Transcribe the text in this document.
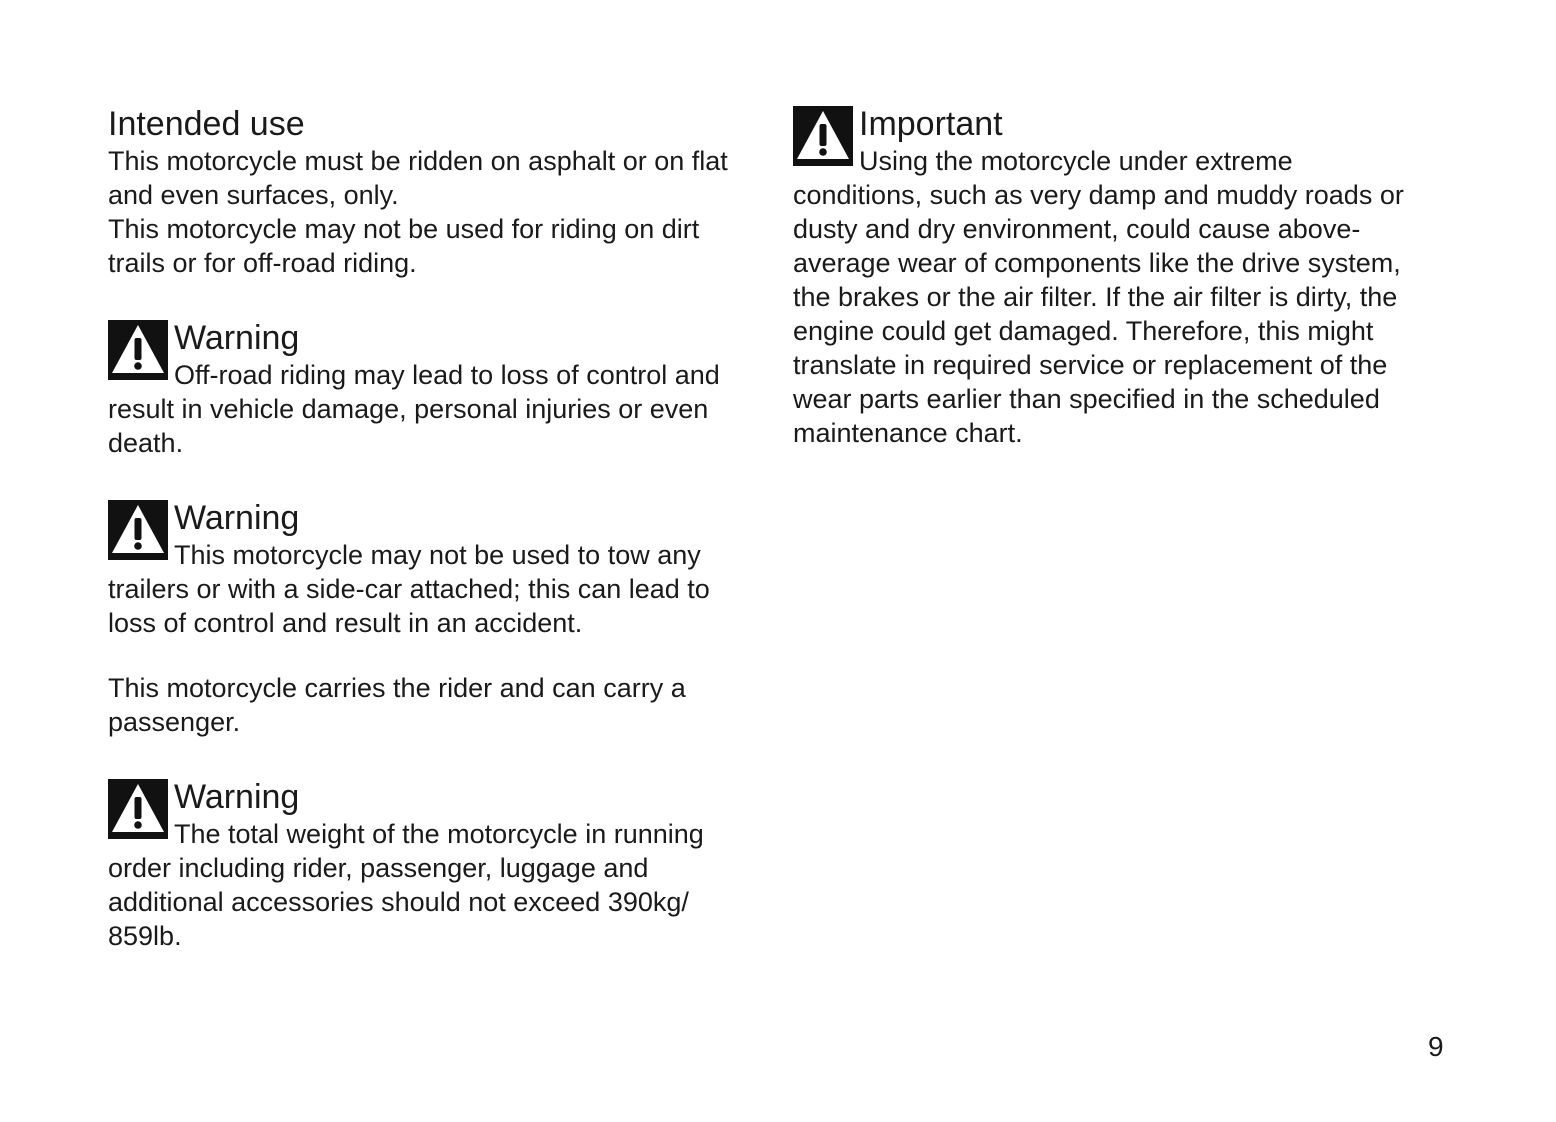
Intended use

This motorcycle must be ridden on asphalt or on flat
and even surfaces, only.
This motorcycle may not be used for riding on dirt
trails or for off-road riding.

Warning
Off-road riding may lead to loss of control and
result in vehicle damage, personal injuries or even
death.
Warning
This motorcycle may not be used to tow any
trailers or with a side-car attached; this can lead to
loss of control and result in an accident.
This motorcycle carries the rider and can carry a
passenger.
Warning
The total weight of the motorcycle in running
order including rider, passenger, luggage and
additional accessories should not exceed 390kg/
859lb.
Important
Using the motorcycle under extreme
conditions, such as very damp and muddy roads or
dusty and dry environment, could cause above-
average wear of components like the drive system,
the brakes or the air filter. If the air filter is dirty, the
engine could get damaged. Therefore, this might
translate in required service or replacement of the
wear parts earlier than specified in the scheduled
maintenance chart.
9
